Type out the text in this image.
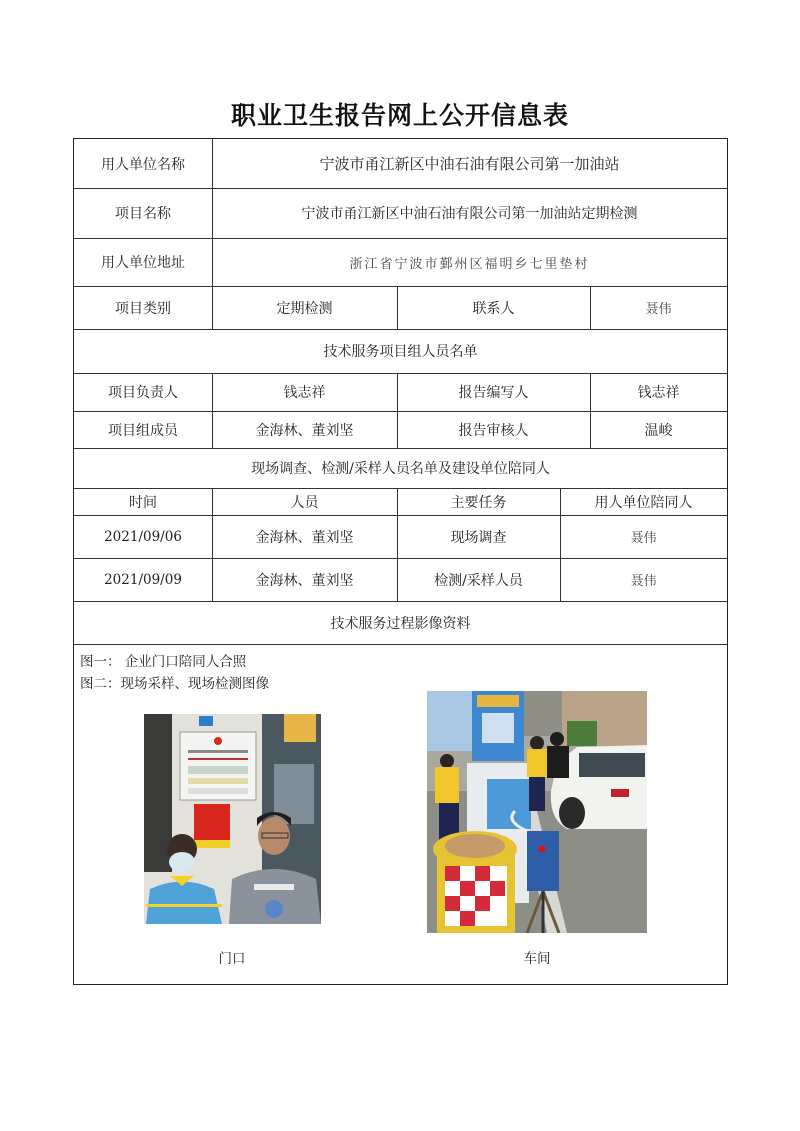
职业卫生报告网上公开信息表
用人单位名称	宁波市甬江新区中油石油有限公司第一加油站
项目名称	宁波市甬江新区中油石油有限公司第一加油站定期检测
用人单位地址	浙江省宁波市鄞州区福明乡七里垫村
项目类别	定期检测	联系人	聂伟
技术服务项目组人员名单
项目负责人	钱志祥	报告编写人	钱志祥
项目组成员	金海林、董刘坚	报告审核人	温峻
现场调查、检测/采样人员名单及建设单位陪同人
时间	人员	主要任务	用人单位陪同人
2021/09/06	金海林、董刘坚	现场调查	聂伟
2021/09/09	金海林、董刘坚	检测/采样人员	聂伟
技术服务过程影像资料
图一： 企业门口陪同人合照
图二：现场采样、现场检测图像
门口	车间
